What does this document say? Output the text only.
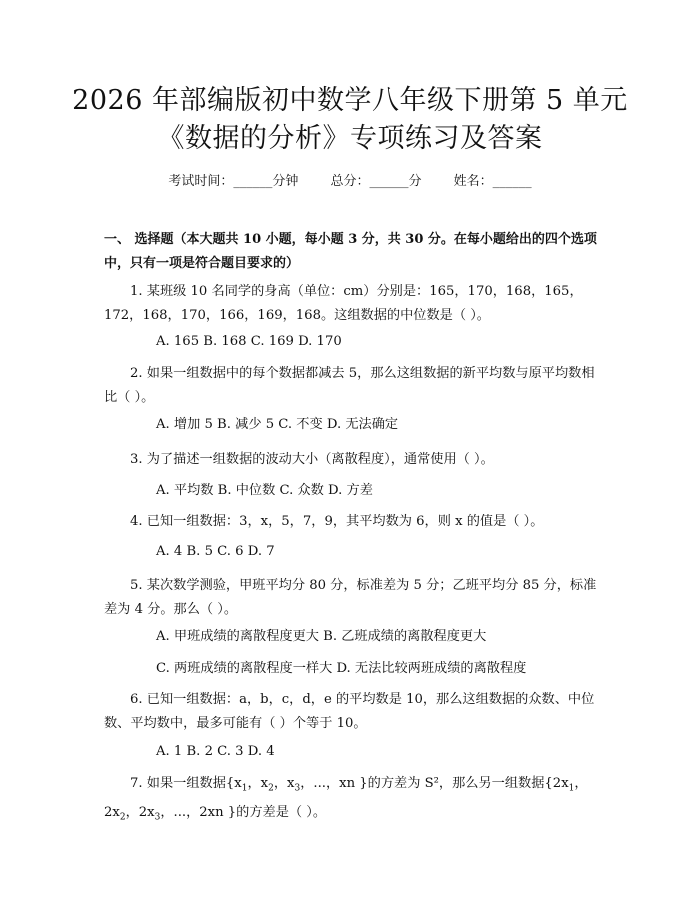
2026 年部编版初中数学八年级下册第 5 单元
《数据的分析》专项练习及答案
考试时间：______分钟 总分：______分 姓名：______
一、 选择题（本大题共 10 小题，每小题 3 分，共 30 分。在每小题给出的四个选项中，只有一项是符合题目要求的）
1. 某班级 10 名同学的身高（单位：cm）分别是：165，170，168，165，172，168，170，166，169，168。这组数据的中位数是（ ）。
A. 165 B. 168 C. 169 D. 170
2. 如果一组数据中的每个数据都减去 5，那么这组数据的新平均数与原平均数相比（ ）。
A. 增加 5 B. 减少 5 C. 不变 D. 无法确定
3. 为了描述一组数据的波动大小（离散程度），通常使用（ ）。
A. 平均数 B. 中位数 C. 众数 D. 方差
4. 已知一组数据：3，x，5，7，9，其平均数为 6，则 x 的值是（ ）。
A. 4 B. 5 C. 6 D. 7
5. 某次数学测验，甲班平均分 80 分，标准差为 5 分；乙班平均分 85 分，标准差为 4 分。那么（ ）。
A. 甲班成绩的离散程度更大 B. 乙班成绩的离散程度更大
C. 两班成绩的离散程度一样大 D. 无法比较两班成绩的离散程度
6. 已知一组数据：a，b，c，d，e 的平均数是 10，那么这组数据的众数、中位数、平均数中，最多可能有（ ）个等于 10。
A. 1 B. 2 C. 3 D. 4
7. 如果一组数据{$x_1$，$x_2$，$x_3$，...，xn }的方差为 S²，那么另一组数据{$2x_1$，$2x_2$，$2x_3$，...，2xn }的方差是（ ）。
